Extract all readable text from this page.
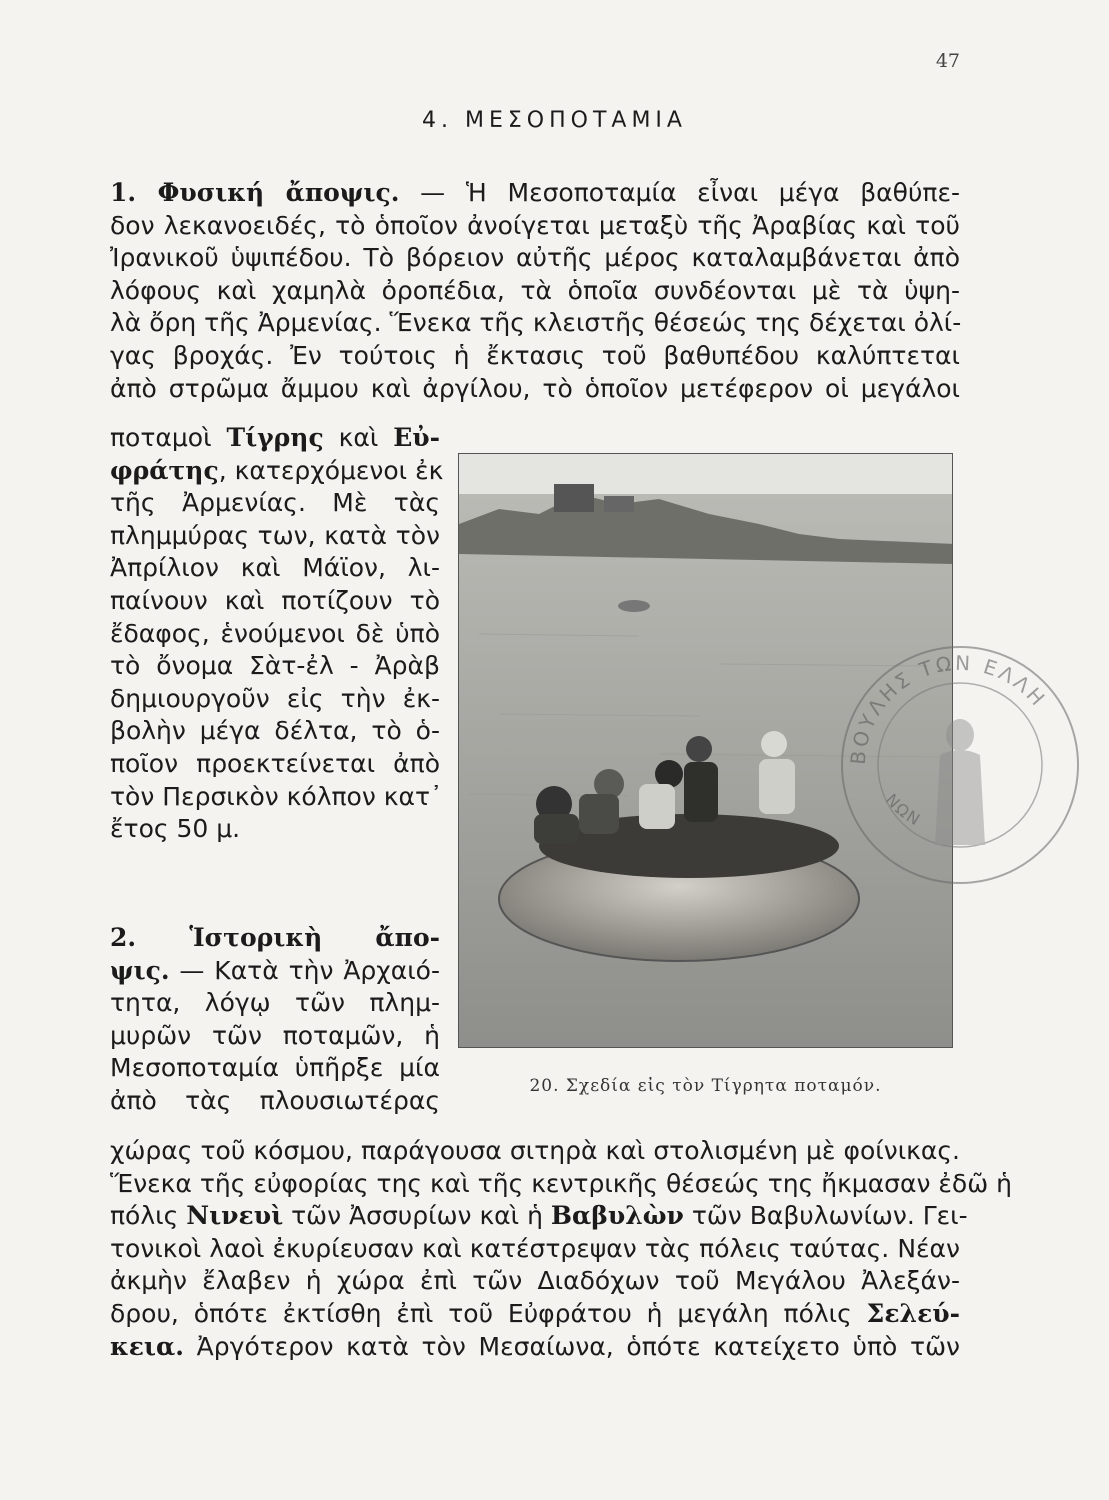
47
4. ΜΕΣΟΠΟΤΑΜΙΑ
1. Φυσική ἄποψις. — Ἡ Μεσοποταμία εἶναι μέγα βαθύπε-
δον λεκανοειδές, τὸ ὁποῖον ἀνοίγεται μεταξὺ τῆς Ἀραβίας καὶ τοῦ
Ἰρανικοῦ ὑψιπέδου. Τὸ βόρειον αὐτῆς μέρος καταλαμβάνεται ἀπὸ
λόφους καὶ χαμηλὰ ὀροπέδια, τὰ ὁποῖα συνδέονται μὲ τὰ ὑψη-
λὰ ὄρη τῆς Ἀρμενίας. Ἕνεκα τῆς κλειστῆς θέσεώς της δέχεται ὀλί-
γας βροχάς. Ἐν τούτοις ἡ ἔκτασις τοῦ βαθυπέδου καλύπτεται
ἀπὸ στρῶμα ἄμμου καὶ ἀργίλου, τὸ ὁποῖον μετέφερον οἱ μεγάλοι
ποταμοὶ Τίγρης καὶ Εὐ-
φράτης, κατερχόμενοι ἐκ
τῆς Ἀρμενίας. Μὲ τὰς
πλημμύρας των, κατὰ τὸν
Ἀπρίλιον καὶ Μάϊον, λι-
παίνουν καὶ ποτίζουν τὸ
ἔδαφος, ἑνούμενοι δὲ ὑπὸ
τὸ ὄνομα Σὰτ-ἐλ - Ἀρὰβ
δημιουργοῦν εἰς τὴν ἐκ-
βολὴν μέγα δέλτα, τὸ ὁ-
ποῖον προεκτείνεται ἀπὸ
τὸν Περσικὸν κόλπον κατ᾽
ἔτος 50 μ.
2. Ἱστορικὴ ἄπο-
ψις. — Κατὰ τὴν Ἀρχαιό-
τητα, λόγῳ τῶν πλημ-
μυρῶν τῶν ποταμῶν, ἡ
Μεσοποταμία ὑπῆρξε μία
ἀπὸ τὰς πλουσιωτέρας
χώρας τοῦ κόσμου, παράγουσα σιτηρὰ καὶ στολισμένη μὲ φοίνικας.
Ἕνεκα τῆς εὐφορίας της καὶ τῆς κεντρικῆς θέσεώς της ἤκμασαν ἐδῶ ἡ
πόλις Νινευὶ τῶν Ἀσσυρίων καὶ ἡ Βαβυλὼν τῶν Βαβυλωνίων. Γει-
τονικοὶ λαοὶ ἐκυρίευσαν καὶ κατέστρεψαν τὰς πόλεις ταύτας. Νέαν
ἀκμὴν ἔλαβεν ἡ χώρα ἐπὶ τῶν Διαδόχων τοῦ Μεγάλου Ἀλεξάν-
δρου, ὁπότε ἐκτίσθη ἐπὶ τοῦ Εὐφράτου ἡ μεγάλη πόλις Σελεύ-
κεια. Ἀργότερον κατὰ τὸν Μεσαίωνα, ὁπότε κατείχετο ὑπὸ τῶν
20. Σχεδία εἰς τὸν Τίγρητα ποταμόν.
ΒΟΥΛΗΣ ΤΩΝ ΕΛΛΗ
ΝΩΝ
